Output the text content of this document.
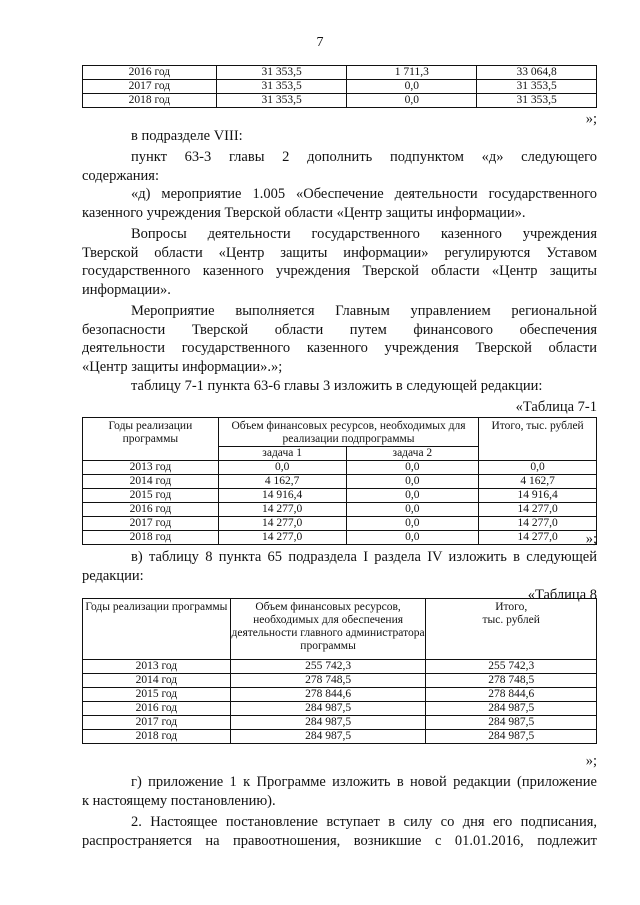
7
2016 год	31 353,5	1 711,3	33 064,8
2017 год	31 353,5	0,0	31 353,5
2018 год	31 353,5	0,0	31 353,5
»;
в подразделе VIII:
пункт 63-3 главы 2 дополнить подпунктом «д» следующего
содержания:
«д) мероприятие 1.005 «Обеспечение деятельности государственного
казенного учреждения Тверской области «Центр защиты информации».
Вопросы деятельности государственного казенного учреждения
Тверской области «Центр защиты информации» регулируются Уставом
государственного казенного учреждения Тверской области «Центр защиты
информации».
Мероприятие выполняется Главным управлением региональной
безопасности Тверской области путем финансового обеспечения
деятельности государственного казенного учреждения Тверской области
«Центр защиты информации».»;
таблицу 7-1 пункта 63-6 главы 3 изложить в следующей редакции:
«Таблица 7-1
Годы реализации программы	Объем финансовых ресурсов, необходимых для реализации подпрограммы		Итого, тыс. рублей
	задача 1	задача 2	
2013 год	0,0	0,0	0,0
2014 год	4 162,7	0,0	4 162,7
2015 год	14 916,4	0,0	14 916,4
2016 год	14 277,0	0,0	14 277,0
2017 год	14 277,0	0,0	14 277,0
2018 год	14 277,0	0,0	14 277,0	»;
в) таблицу 8 пункта 65 подраздела I раздела IV изложить в следующей
редакции:
«Таблица 8
Годы реализации программы	Объем финансовых ресурсов, необходимых для обеспечения деятельности главного администратора программы	Итого,
тыс. рублей

2013 год	255 742,3	255 742,3
2014 год	278 748,5	278 748,5
2015 год	278 844,6	278 844,6
2016 год	284 987,5	284 987,5
2017 год	284 987,5	284 987,5
2018 год	284 987,5	284 987,5
»;
г) приложение 1 к Программе изложить в новой редакции (приложение
к настоящему постановлению).
2. Настоящее постановление вступает в силу со дня его подписания,
распространяется на правоотношения, возникшие с 01.01.2016, подлежит
